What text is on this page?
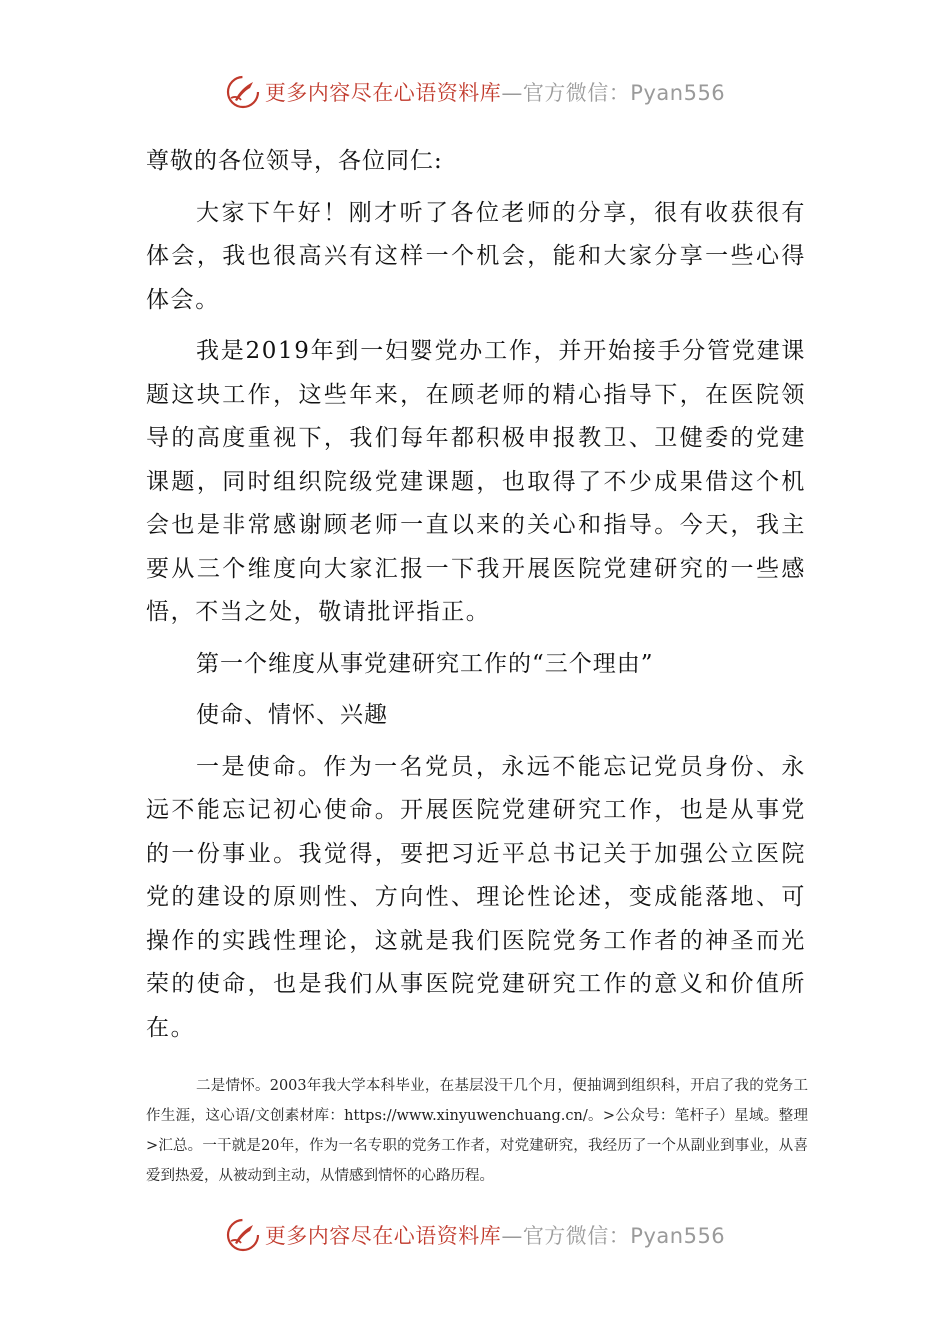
更多内容尽在心语资料库—官方微信：Pyan556

尊敬的各位领导，各位同仁:

大家下午好！刚才听了各位老师的分享，很有收获很有体会，我也很高兴有这样一个机会，能和大家分享一些心得体会。

我是2019年到一妇婴党办工作，并开始接手分管党建课题这块工作，这些年来，在顾老师的精心指导下，在医院领导的高度重视下，我们每年都积极申报教卫、卫健委的党建课题，同时组织院级党建课题，也取得了不少成果借这个机会也是非常感谢顾老师一直以来的关心和指导。今天，我主要从三个维度向大家汇报一下我开展医院党建研究的一些感悟，不当之处，敬请批评指正。

第一个维度从事党建研究工作的“三个理由”

使命、情怀、兴趣

一是使命。作为一名党员，永远不能忘记党员身份、永远不能忘记初心使命。开展医院党建研究工作，也是从事党的一份事业。我觉得，要把习近平总书记关于加强公立医院党的建设的原则性、方向性、理论性论述，变成能落地、可操作的实践性理论，这就是我们医院党务工作者的神圣而光荣的使命，也是我们从事医院党建研究工作的意义和价值所在。

二是情怀。2003年我大学本科毕业，在基层没干几个月，便抽调到组织科，开启了我的党务工作生涯，这心语/文创素材库：https://www.xinyuwenchuang.cn/。>公众号：笔杆子）星域。整理>汇总。一干就是20年，作为一名专职的党务工作者，对党建研究，我经历了一个从副业到事业，从喜爱到热爱，从被动到主动，从情感到情怀的心路历程。

更多内容尽在心语资料库—官方微信：Pyan556
